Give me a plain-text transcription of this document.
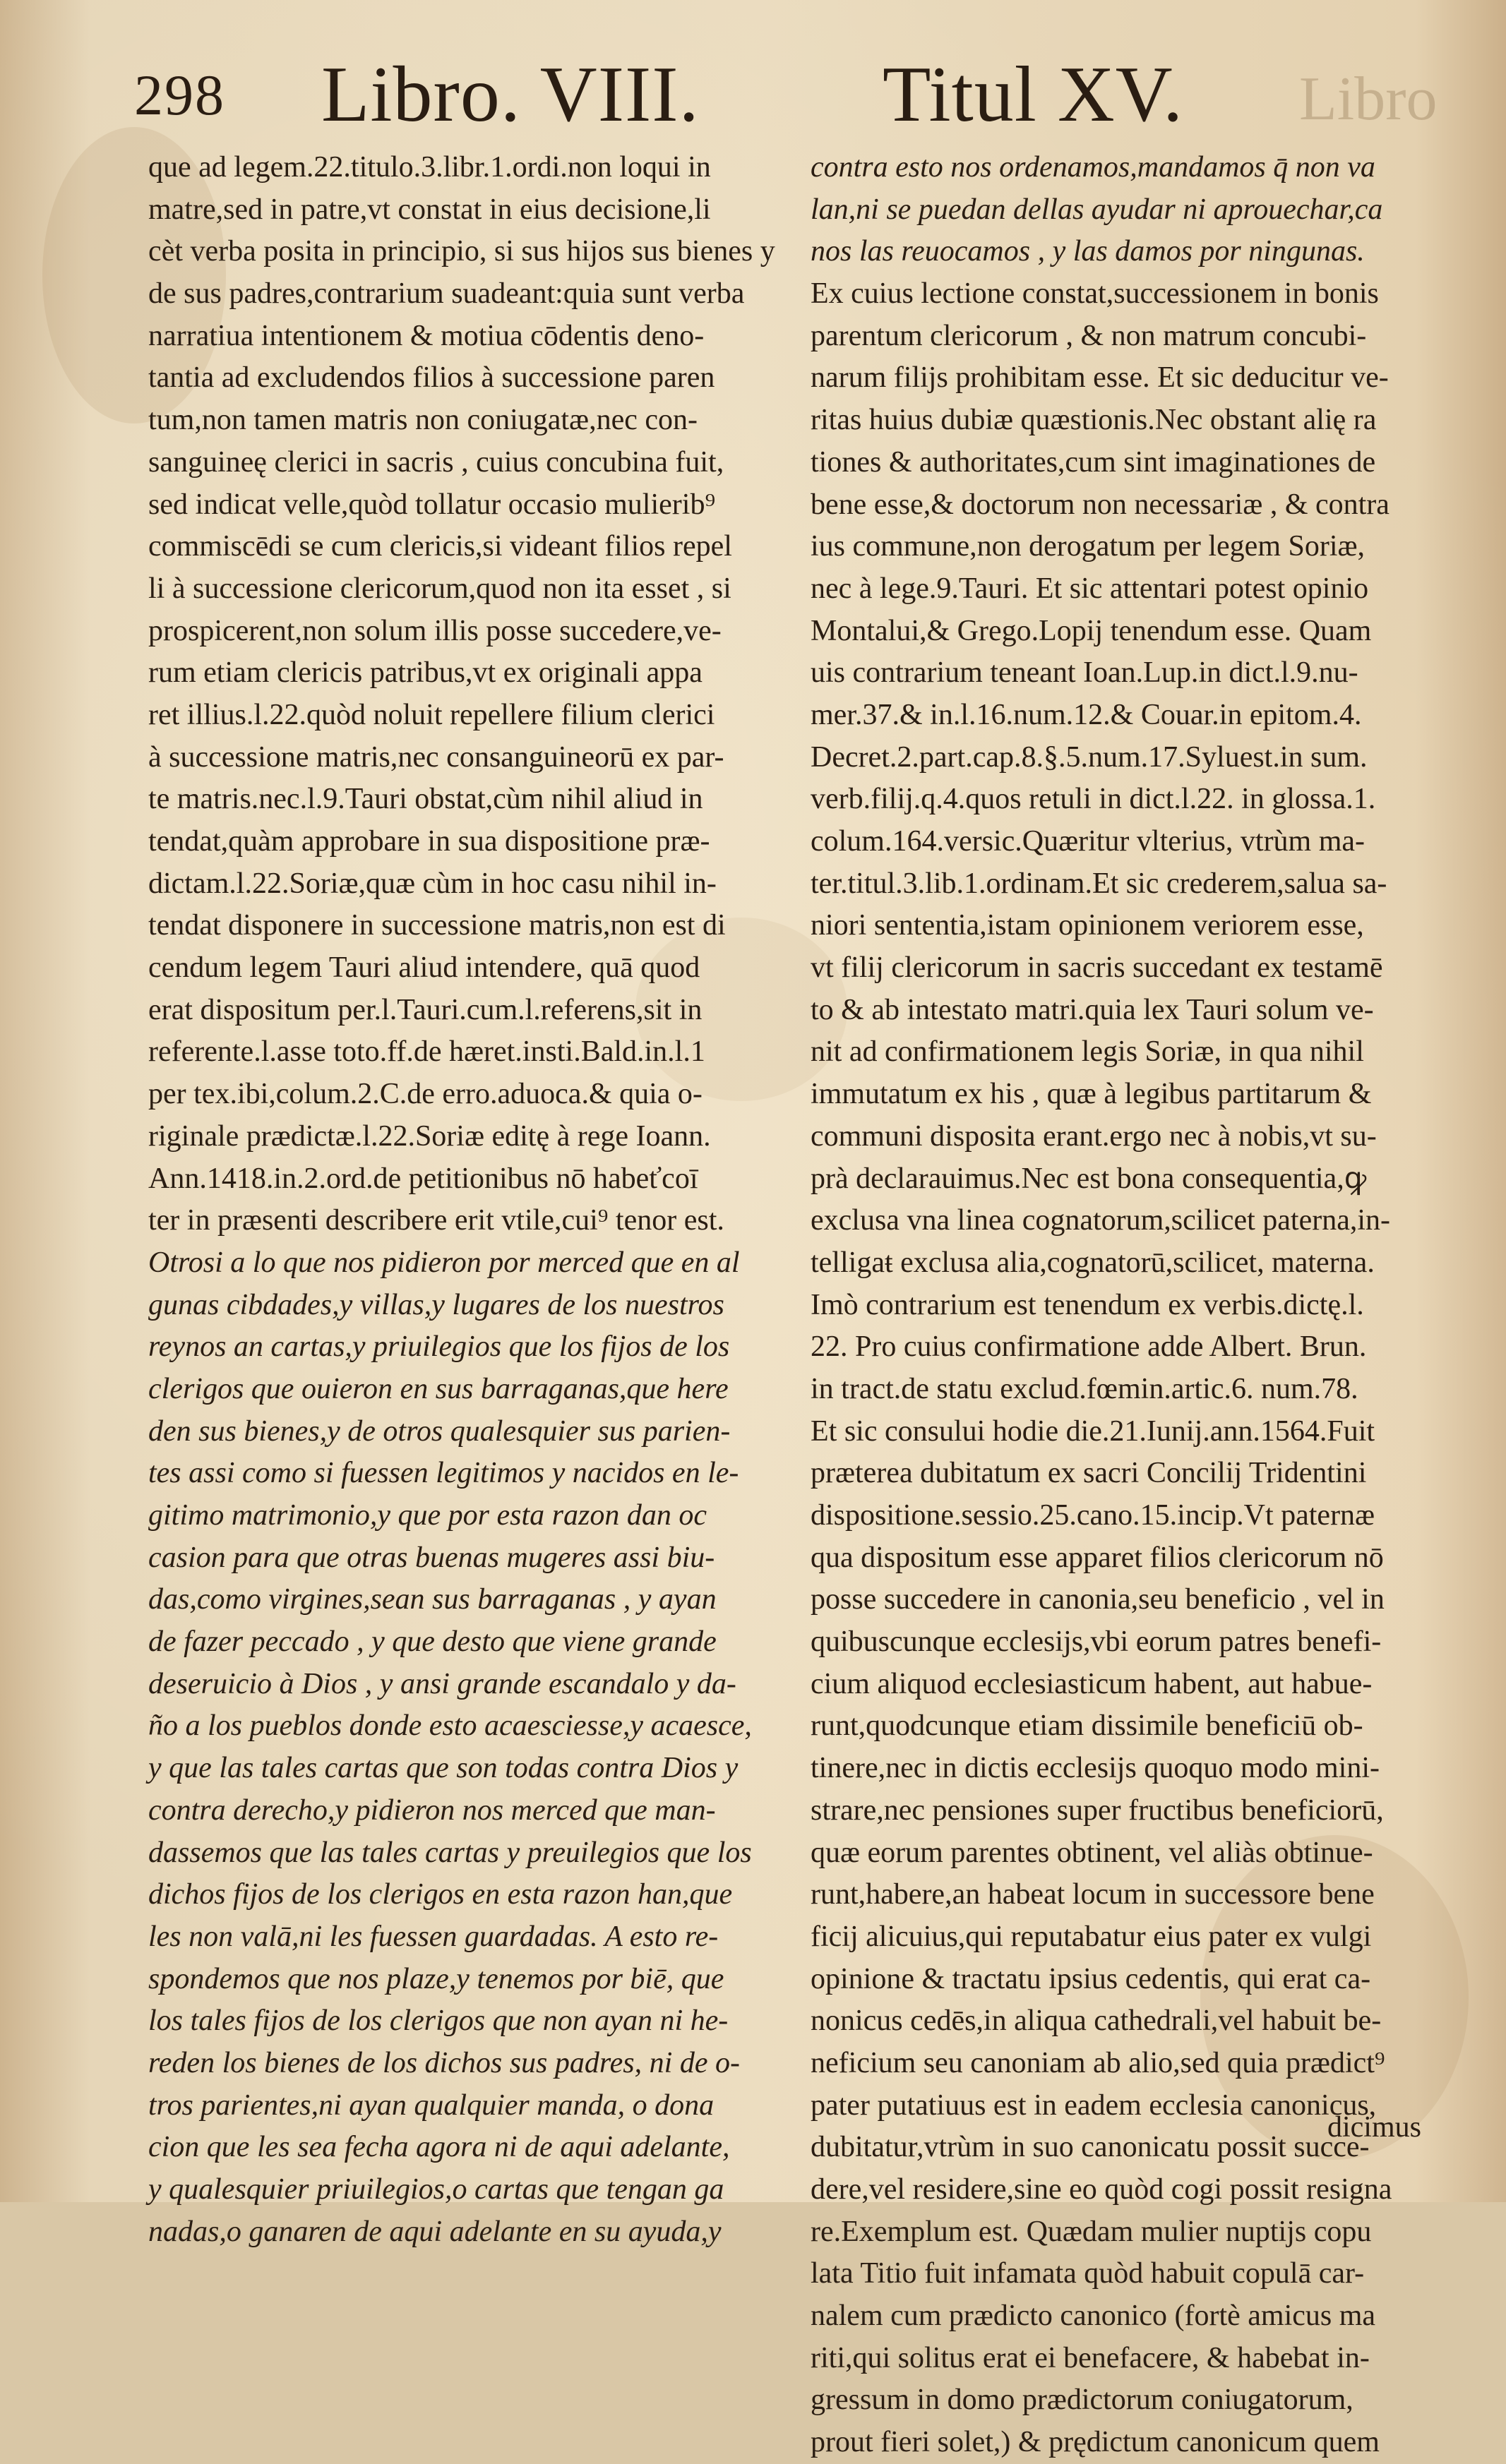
Libro
298 Libro. VIII. Titul XV.
que ad legem.22.titulo.3.libr.1.ordi.non loqui in
matre,sed in patre,vt constat in eius decisione,li
cèt verba posita in principio, si sus hijos sus bienes y
de sus padres,contrarium suadeant:quia sunt verba
narratiua intentionem & motiua cōdentis deno-
tantia ad excludendos filios à successione paren
tum,non tamen matris non coniugatæ,nec con-
sanguineę clerici in sacris , cuius concubina fuit,
sed indicat velle,quòd tollatur occasio mulierib⁹
commiscēdi se cum clericis,si videant filios repel
li à successione clericorum,quod non ita esset , si
prospicerent,non solum illis posse succedere,ve-
rum etiam clericis patribus,vt ex originali appa
ret illius.l.22.quòd noluit repellere filium clerici
à successione matris,nec consanguineorū ex par-
te matris.nec.l.9.Tauri obstat,cùm nihil aliud in
tendat,quàm approbare in sua dispositione præ-
dictam.l.22.Soriæ,quæ cùm in hoc casu nihil in-
tendat disponere in successione matris,non est di
cendum legem Tauri aliud intendere, quā quod
erat dispositum per.l.Tauri.cum.l.referens,sit in
referente.l.asse toto.ff.de hæret.insti.Bald.in.l.1
per tex.ibi,colum.2.C.de erro.aduoca.& quia o-
riginale prædictæ.l.22.Soriæ editę à rege Ioann.
Ann.1418.in.2.ord.de petitionibus nō habeťcoī
ter in præsenti describere erit vtile,cui⁹ tenor est.
Otrosi a lo que nos pidieron por merced que en al
gunas cibdades,y villas,y lugares de los nuestros
reynos an cartas,y priuilegios que los fijos de los
clerigos que ouieron en sus barraganas,que here
den sus bienes,y de otros qualesquier sus parien-
tes assi como si fuessen legitimos y nacidos en le-
gitimo matrimonio,y que por esta razon dan oc
casion para que otras buenas mugeres assi biu-
das,como virgines,sean sus barraganas , y ayan
de fazer peccado , y que desto que viene grande
deseruicio à Dios , y ansi grande escandalo y da-
ño a los pueblos donde esto acaesciesse,y acaesce,
y que las tales cartas que son todas contra Dios y
contra derecho,y pidieron nos merced que man-
dassemos que las tales cartas y preuilegios que los
dichos fijos de los clerigos en esta razon han,que
les non valā,ni les fuessen guardadas. A esto re-
spondemos que nos plaze,y tenemos por biē, que
los tales fijos de los clerigos que non ayan ni he-
reden los bienes de los dichos sus padres, ni de o-
tros parientes,ni ayan qualquier manda, o dona
cion que les sea fecha agora ni de aqui adelante,
y qualesquier priuilegios,o cartas que tengan ga
nadas,o ganaren de aqui adelante en su ayuda,y
contra esto nos ordenamos,mandamos q̄ non va
lan,ni se puedan dellas ayudar ni aprouechar,ca
nos las reuocamos , y las damos por ningunas.
Ex cuius lectione constat,successionem in bonis
parentum clericorum , & non matrum concubi-
narum filijs prohibitam esse. Et sic deducitur ve-
ritas huius dubiæ quæstionis.Nec obstant alię ra
tiones & authoritates,cum sint imaginationes de
bene esse,& doctorum non necessariæ , & contra
ius commune,non derogatum per legem Soriæ,
nec à lege.9.Tauri. Et sic attentari potest opinio
Montalui,& Grego.Lopij tenendum esse. Quam
uis contrarium teneant Ioan.Lup.in dict.l.9.nu-
mer.37.& in.l.16.num.12.& Couar.in epitom.4.
Decret.2.part.cap.8.§.5.num.17.Syluest.in sum.
verb.filij.q.4.quos retuli in dict.l.22. in glossa.1.
colum.164.versic.Quæritur vlterius, vtrùm ma-
ter.titul.3.lib.1.ordinam.Et sic crederem,salua sa-
niori sententia,istam opinionem veriorem esse,
vt filij clericorum in sacris succedant ex testamē
to & ab intestato matri.quia lex Tauri solum ve-
nit ad confirmationem legis Soriæ, in qua nihil
immutatum ex his , quæ à legibus partitarum &
communi disposita erant.ergo nec à nobis,vt su-
prà declarauimus.Nec est bona consequentia,ꝙ
exclusa vna linea cognatorum,scilicet paterna,in-
telligaŧ exclusa alia,cognatorū,scilicet, materna.
Imò contrarium est tenendum ex verbis.dictę.l.
22. Pro cuius confirmatione adde Albert. Brun.
in tract.de statu exclud.fœmin.artic.6. num.78.
Et sic consului hodie die.21.Iunij.ann.1564.Fuit
præterea dubitatum ex sacri Concilij Tridentini
dispositione.sessio.25.cano.15.incip.Vt paternæ
qua dispositum esse apparet filios clericorum nō
posse succedere in canonia,seu beneficio , vel in
quibuscunque ecclesijs,vbi eorum patres benefi-
cium aliquod ecclesiasticum habent, aut habue-
runt,quodcunque etiam dissimile beneficiū ob-
tinere,nec in dictis ecclesijs quoquo modo mini-
strare,nec pensiones super fructibus beneficiorū,
quæ eorum parentes obtinent, vel aliàs obtinue-
runt,habere,an habeat locum in successore bene
ficij alicuius,qui reputabatur eius pater ex vulgi
opinione & tractatu ipsius cedentis, qui erat ca-
nonicus cedēs,in aliqua cathedrali,vel habuit be-
neficium seu canoniam ab alio,sed quia prædict⁹
pater putatiuus est in eadem ecclesia canonicus,
dubitatur,vtrùm in suo canonicatu possit succe-
dere,vel residere,sine eo quòd cogi possit resigna
re.Exemplum est. Quædam mulier nuptijs copu
lata Titio fuit infamata quòd habuit copulā car-
nalem cum prædicto canonico (fortè amicus ma
riti,qui solitus erat ei benefacere, & habebat in-
gressum in domo prædictorum coniugatorum,
prout fieri solet,) & prędictum canonicum quem
dicimus
